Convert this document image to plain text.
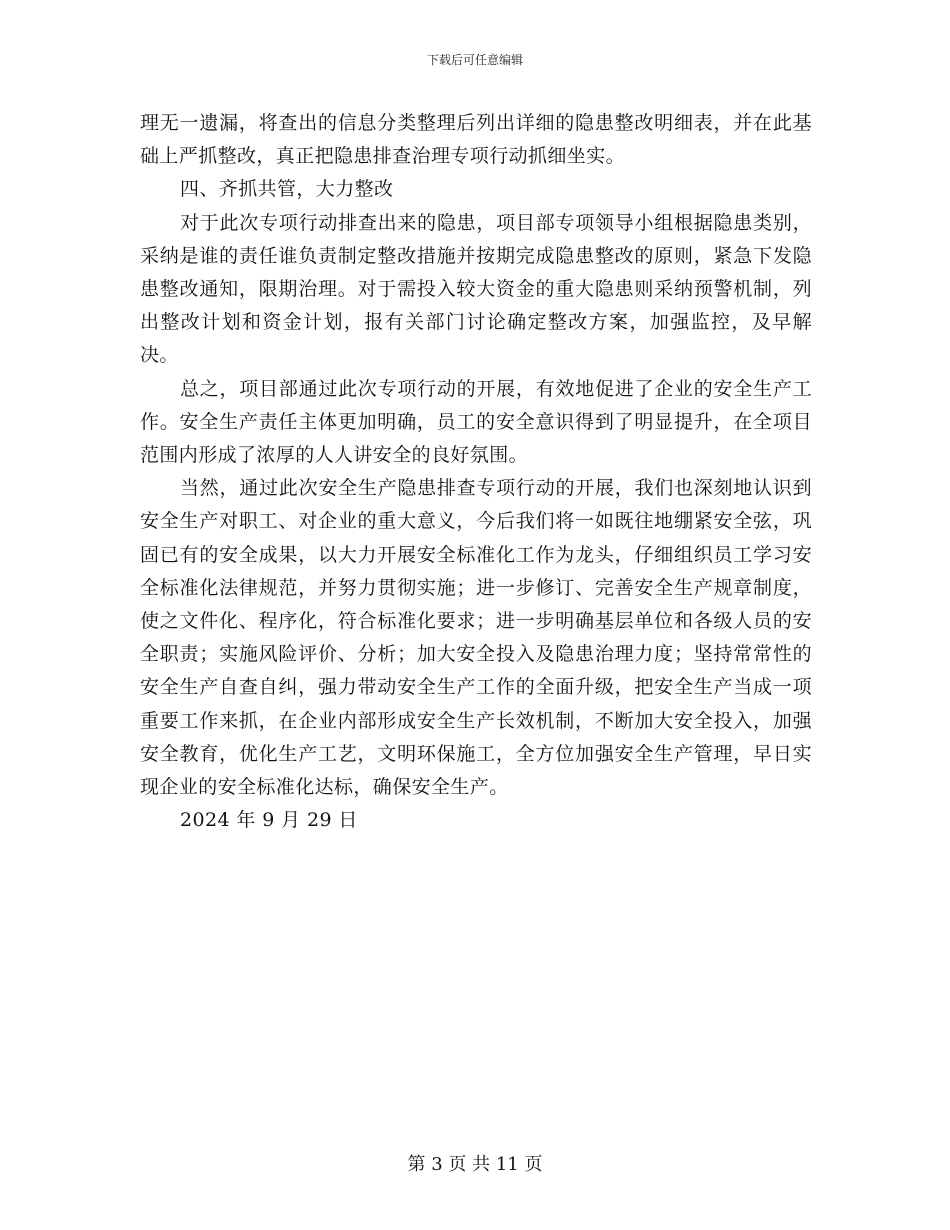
下载后可任意编辑

理无一遗漏，将查出的信息分类整理后列出详细的隐患整改明细表，并在此基础上严抓整改，真正把隐患排查治理专项行动抓细坐实。

四、齐抓共管，大力整改

对于此次专项行动排查出来的隐患，项目部专项领导小组根据隐患类别，采纳是谁的责任谁负责制定整改措施并按期完成隐患整改的原则，紧急下发隐患整改通知，限期治理。对于需投入较大资金的重大隐患则采纳预警机制，列出整改计划和资金计划，报有关部门讨论确定整改方案，加强监控，及早解决。

总之，项目部通过此次专项行动的开展，有效地促进了企业的安全生产工作。安全生产责任主体更加明确，员工的安全意识得到了明显提升，在全项目范围内形成了浓厚的人人讲安全的良好氛围。

当然，通过此次安全生产隐患排查专项行动的开展，我们也深刻地认识到安全生产对职工、对企业的重大意义，今后我们将一如既往地绷紧安全弦，巩固已有的安全成果，以大力开展安全标准化工作为龙头，仔细组织员工学习安全标准化法律规范，并努力贯彻实施；进一步修订、完善安全生产规章制度，使之文件化、程序化，符合标准化要求；进一步明确基层单位和各级人员的安全职责；实施风险评价、分析；加大安全投入及隐患治理力度；坚持常常性的安全生产自查自纠，强力带动安全生产工作的全面升级，把安全生产当成一项重要工作来抓，在企业内部形成安全生产长效机制，不断加大安全投入，加强安全教育，优化生产工艺，文明环保施工，全方位加强安全生产管理，早日实现企业的安全标准化达标，确保安全生产。

2024 年 9 月 29 日

第 3 页 共 11 页
